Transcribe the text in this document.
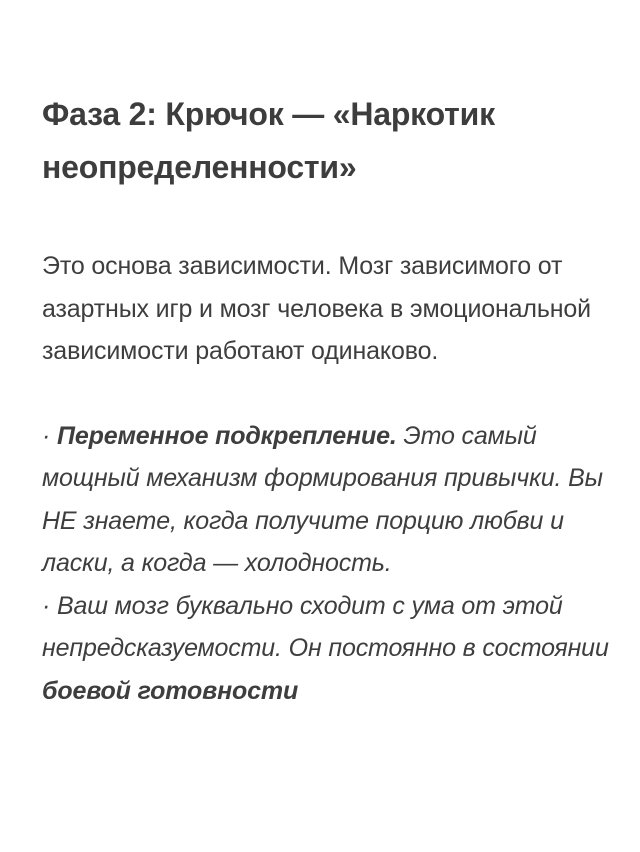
Фаза 2: Крючок — «Наркотик неопределенности»

Это основа зависимости. Мозг зависимого от азартных игр и мозг человека в эмоциональной зависимости работают одинаково.

· Переменное подкрепление. Это самый мощный механизм формирования привычки. Вы НЕ знаете, когда получите порцию любви и ласки, а когда — холодность.

· Ваш мозг буквально сходит с ума от этой непредсказуемости. Он постоянно в состоянии боевой готовности
